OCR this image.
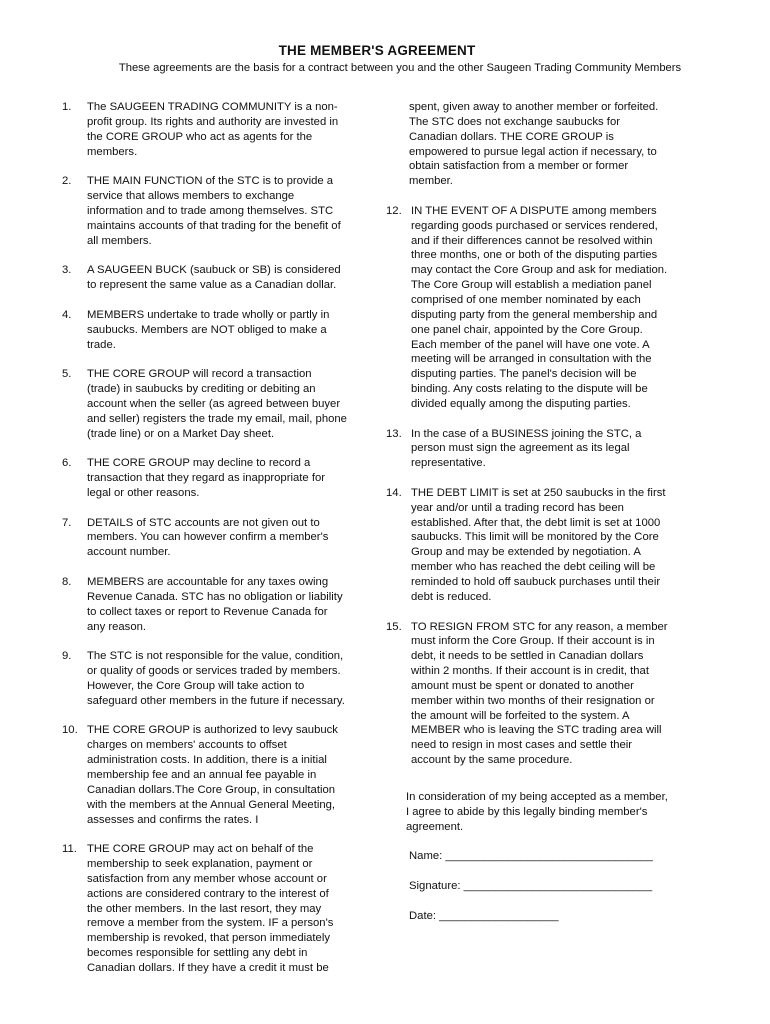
THE MEMBER'S AGREEMENT
These agreements are the basis for a contract between you and the other Saugeen Trading Community Members
1.	The SAUGEEN TRADING COMMUNITY is a non-
profit group. Its rights and authority are invested in
the CORE GROUP who act as agents for the
members.
2.	THE MAIN FUNCTION of the STC is to provide a
service that allows members to exchange
information and to trade among themselves. STC
maintains accounts of that trading for the benefit of
all members.
3.	A SAUGEEN BUCK (saubuck or SB) is considered
to represent the same value as a Canadian dollar.
4.	MEMBERS undertake to trade wholly or partly in
saubucks. Members are NOT obliged to make a
trade.
5.	THE CORE GROUP will record a transaction
(trade) in saubucks by crediting or debiting an
account when the seller (as agreed between buyer
and seller) registers the trade my email, mail, phone
(trade line) or on a Market Day sheet.
6.	THE CORE GROUP may decline to record a
transaction that they regard as inappropriate for
legal or other reasons.
7.	DETAILS of STC accounts are not given out to
members. You can however confirm a member's
account number.
8.	MEMBERS are accountable for any taxes owing
Revenue Canada. STC has no obligation or liability
to collect taxes or report to Revenue Canada for
any reason.
9.	The STC is not responsible for the value, condition,
or quality of goods or services traded by members.
However, the Core Group will take action to
safeguard other members in the future if necessary.
10. THE CORE GROUP is authorized to levy saubuck
charges on members' accounts to offset
administration costs. In addition, there is a initial
membership fee and an annual fee payable in
Canadian dollars.The Core Group, in consultation
with the members at the Annual General Meeting,
assesses and confirms the rates. I
11. THE CORE GROUP may act on behalf of the
membership to seek explanation, payment or
satisfaction from any member whose account or
actions are considered contrary to the interest of
the other members. In the last resort, they may
remove a member from the system. IF a person's
membership is revoked, that person immediately
becomes responsible for settling any debt in
Canadian dollars. If they have a credit it must be
spent, given away to another member or forfeited.
The STC does not exchange saubucks for
Canadian dollars. THE CORE GROUP is
empowered to pursue legal action if necessary, to
obtain satisfaction from a member or former
member.
12. IN THE EVENT OF A DISPUTE among members
regarding goods purchased or services rendered,
and if their differences cannot be resolved within
three months, one or both of the disputing parties
may contact the Core Group and ask for mediation.
The Core Group will establish a mediation panel
comprised of one member nominated by each
disputing party from the general membership and
one panel chair, appointed by the Core Group.
Each member of the panel will have one vote. A
meeting will be arranged in consultation with the
disputing parties. The panel's decision will be
binding. Any costs relating to the dispute will be
divided equally among the disputing parties.
13. In the case of a BUSINESS joining the STC, a
person must sign the agreement as its legal
representative.
14. THE DEBT LIMIT is set at 250 saubucks in the first
year and/or until a trading record has been
established. After that, the debt limit is set at 1000
saubucks. This limit will be monitored by the Core
Group and may be extended by negotiation. A
member who has reached the debt ceiling will be
reminded to hold off saubuck purchases until their
debt is reduced.
15. TO RESIGN FROM STC for any reason, a member
must inform the Core Group. If their account is in
debt, it needs to be settled in Canadian dollars
within 2 months. If their account is in credit, that
amount must be spent or donated to another
member within two months of their resignation or
the amount will be forfeited to the system. A
MEMBER who is leaving the STC trading area will
need to resign in most cases and settle their
account by the same procedure.
In consideration of my being accepted as a member,
I agree to abide by this legally binding member's
agreement.
Name: _________________________________
Signature: ______________________________
Date: ___________________
